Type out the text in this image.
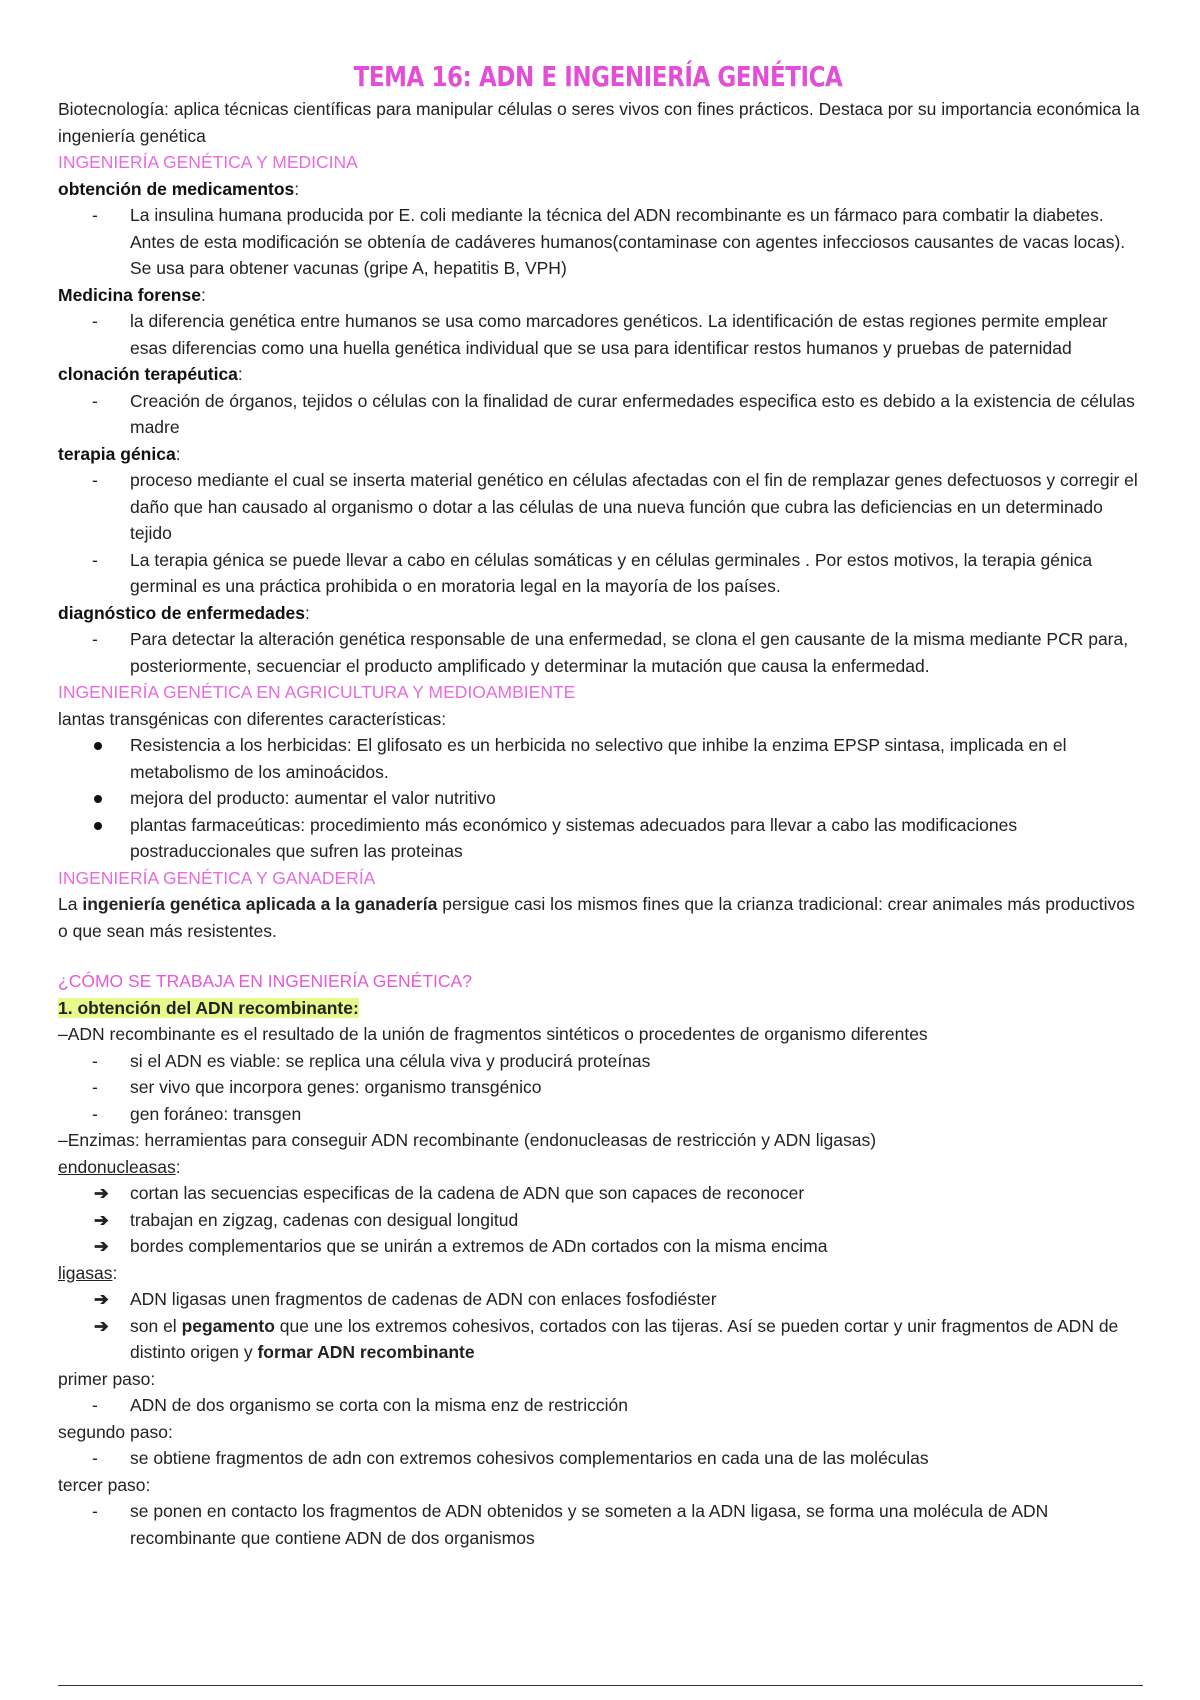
TEMA 16: ADN E INGENIERÍA GENÉTICA
Biotecnología: aplica técnicas científicas para manipular células o seres vivos con fines prácticos. Destaca por su importancia económica la ingeniería genética
INGENIERÍA GENÉTICA Y MEDICINA
obtención de medicamentos:
-	La insulina humana producida por E. coli mediante la técnica del ADN recombinante es un fármaco para combatir la diabetes. Antes de esta modificación se obtenía de cadáveres humanos(contaminase con agentes infecciosos causantes de vacas locas). Se usa para obtener vacunas (gripe A, hepatitis B, VPH)
Medicina forense:
-	la diferencia genética entre humanos se usa como marcadores genéticos. La identificación de estas regiones permite emplear esas diferencias como una huella genética individual que se usa para identificar restos humanos y pruebas de paternidad
clonación terapéutica:
-	Creación de órganos, tejidos o células con la finalidad de curar enfermedades especifica esto es debido a la existencia de células madre
terapia génica:
-	proceso mediante el cual se inserta material genético en células afectadas con el fin de remplazar genes defectuosos y corregir el daño que han causado al organismo o dotar a las células de una nueva función que cubra las deficiencias en un determinado tejido
-	La terapia génica se puede llevar a cabo en células somáticas y en células germinales . Por estos motivos, la terapia génica germinal es una práctica prohibida o en moratoria legal en la mayoría de los países.
diagnóstico de enfermedades:
-	Para detectar la alteración genética responsable de una enfermedad, se clona el gen causante de la misma mediante PCR para, posteriormente, secuenciar el producto amplificado y determinar la mutación que causa la enfermedad.
INGENIERÍA GENÉTICA EN AGRICULTURA Y MEDIOAMBIENTE
lantas transgénicas con diferentes características:
Resistencia a los herbicidas: El glifosato es un herbicida no selectivo que inhibe la enzima EPSP sintasa, implicada en el metabolismo de los aminoácidos.
mejora del producto: aumentar el valor nutritivo
plantas farmaceúticas: procedimiento más económico y sistemas adecuados para llevar a cabo las modificaciones postraduccionales que sufren las proteinas
INGENIERÍA GENÉTICA Y GANADERÍA
La ingeniería genética aplicada a la ganadería persigue casi los mismos fines que la crianza tradicional: crear animales más productivos o que sean más resistentes.
¿CÓMO SE TRABAJA EN INGENIERÍA GENÉTICA?
1. obtención del ADN recombinante:
–ADN recombinante es el resultado de la unión de fragmentos sintéticos o procedentes de organismo diferentes
-	si el ADN es viable: se replica una célula viva y producirá proteínas
-	ser vivo que incorpora genes: organismo transgénico
-	gen foráneo: transgen
–Enzimas: herramientas para conseguir ADN recombinante (endonucleasas de restricción y ADN ligasas)
endonucleasas:
➔ cortan las secuencias especificas de la cadena de ADN que son capaces de reconocer
➔ trabajan en zigzag, cadenas con desigual longitud
➔ bordes complementarios que se unirán a extremos de ADn cortados con la misma encima
ligasas:
➔ ADN ligasas unen fragmentos de cadenas de ADN con enlaces fosfodiéster
➔ son el pegamento que une los extremos cohesivos, cortados con las tijeras. Así se pueden cortar y unir fragmentos de ADN de distinto origen y formar ADN recombinante
primer paso:
-	ADN de dos organismo se corta con la misma enz de restricción
segundo paso:
-	se obtiene fragmentos de adn con extremos cohesivos complementarios en cada una de las moléculas
tercer paso:
-	se ponen en contacto los fragmentos de ADN obtenidos y se someten a la ADN ligasa, se forma una molécula de ADN recombinante que contiene ADN de dos organismos
